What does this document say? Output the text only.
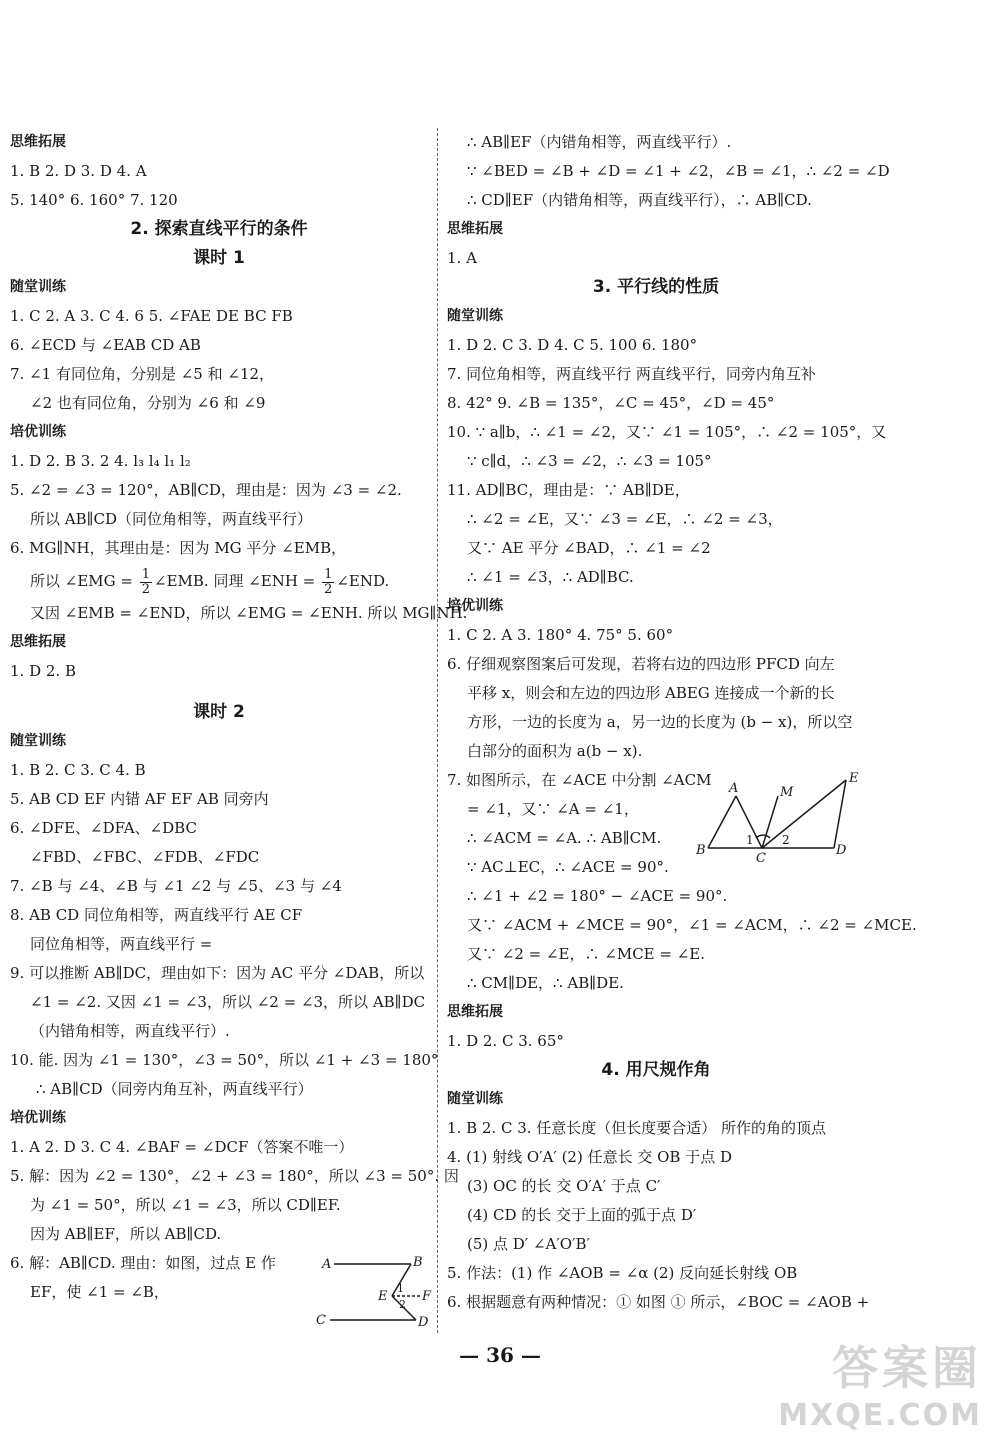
思维拓展
1. B 2. D 3. D 4. A
5. 140° 6. 160° 7. 120
2. 探索直线平行的条件
课时 1
随堂训练
1. C 2. A 3. C 4. 6 5. ∠FAE DE BC FB
6. ∠ECD 与 ∠EAB CD AB
7. ∠1 有同位角，分别是 ∠5 和 ∠12，
∠2 也有同位角，分别为 ∠6 和 ∠9
培优训练
1. D 2. B 3. 2 4. l₃ l₄ l₁ l₂
5. ∠2 = ∠3 = 120°，AB∥CD，理由是：因为 ∠3 = ∠2.
所以 AB∥CD（同位角相等，两直线平行）
6. MG∥NH，其理由是：因为 MG 平分 ∠EMB，
所以 ∠EMG = $\frac{1}{2}$ ∠EMB. 同理 ∠ENH = $\frac{1}{2}$ ∠END.
又因 ∠EMB = ∠END，所以 ∠EMG = ∠ENH. 所以 MG∥NH.
思维拓展
1. D 2. B
课时 2
随堂训练
1. B 2. C 3. C 4. B
5. AB CD EF 内错 AF EF AB 同旁内
6. ∠DFE、∠DFA、∠DBC
∠FBD、∠FBC、∠FDB、∠FDC
7. ∠B 与 ∠4、∠B 与 ∠1 ∠2 与 ∠5、∠3 与 ∠4
8. AB CD 同位角相等，两直线平行 AE CF
同位角相等，两直线平行 =
9. 可以推断 AB∥DC，理由如下：因为 AC 平分 ∠DAB，所以
∠1 = ∠2. 又因 ∠1 = ∠3，所以 ∠2 = ∠3，所以 AB∥DC
（内错角相等，两直线平行）.
10. 能. 因为 ∠1 = 130°，∠3 = 50°，所以 ∠1 + ∠3 = 180°
∴ AB∥CD（同旁内角互补，两直线平行）
培优训练
1. A 2. D 3. C 4. ∠BAF = ∠DCF（答案不唯一）
5. 解：因为 ∠2 = 130°，∠2 + ∠3 = 180°，所以 ∠3 = 50°. 因
为 ∠1 = 50°，所以 ∠1 = ∠3，所以 CD∥EF.
因为 AB∥EF，所以 AB∥CD.
6. 解：AB∥CD. 理由：如图，过点 E 作
EF，使 ∠1 = ∠B，
A	B
C	D
E	F
1
2
∴ AB∥EF（内错角相等，两直线平行）.
∵ ∠BED = ∠B + ∠D = ∠1 + ∠2，∠B = ∠1，∴ ∠2 = ∠D
∴ CD∥EF（内错角相等，两直线平行），∴ AB∥CD.
思维拓展
1. A
3. 平行线的性质
随堂训练
1. D 2. C 3. D 4. C 5. 100 6. 180°
7. 同位角相等，两直线平行 两直线平行，同旁内角互补
8. 42° 9. ∠B = 135°，∠C = 45°，∠D = 45°
10. ∵ a∥b，∴ ∠1 = ∠2，又∵ ∠1 = 105°，∴ ∠2 = 105°，又
∵ c∥d，∴ ∠3 = ∠2，∴ ∠3 = 105°
11. AD∥BC，理由是：∵ AB∥DE，
∴ ∠2 = ∠E，又∵ ∠3 = ∠E，∴ ∠2 = ∠3，
又∵ AE 平分 ∠BAD，∴ ∠1 = ∠2
∴ ∠1 = ∠3，∴ AD∥BC.
培优训练
1. C 2. A 3. 180° 4. 75° 5. 60°
6. 仔细观察图案后可发现，若将右边的四边形 PFCD 向左
平移 x，则会和左边的四边形 ABEG 连接成一个新的长
方形，一边的长度为 a，另一边的长度为 (b − x)，所以空
白部分的面积为 a(b − x).
7. 如图所示，在 ∠ACE 中分割 ∠ACM
= ∠1，又∵ ∠A = ∠1，
∴ ∠ACM = ∠A. ∴ AB∥CM.
∵ AC⊥EC，∴ ∠ACE = 90°.
∴ ∠1 + ∠2 = 180° − ∠ACE = 90°.
又∵ ∠ACM + ∠MCE = 90°，∠1 = ∠ACM，∴ ∠2 = ∠MCE.
又∵ ∠2 = ∠E，∴ ∠MCE = ∠E.
∴ CM∥DE，∴ AB∥DE.
思维拓展
1. D 2. C 3. 65°
4. 用尺规作角
随堂训练
1. B 2. C 3. 任意长度（但长度要合适） 所作的角的顶点
4. (1) 射线 O′A′ (2) 任意长 交 OB 于点 D
(3) OC 的长 交 O′A′ 于点 C′
(4) CD 的长 交于上面的弧于点 D′
(5) 点 D′ ∠A′O′B′
5. 作法：(1) 作 ∠AOB = ∠α (2) 反向延长射线 OB
6. 根据题意有两种情况：① 如图 ① 所示，∠BOC = ∠AOB +
A
B
C
D
E
M
1 2
— 36 —	答案圈
MXQE.COM
